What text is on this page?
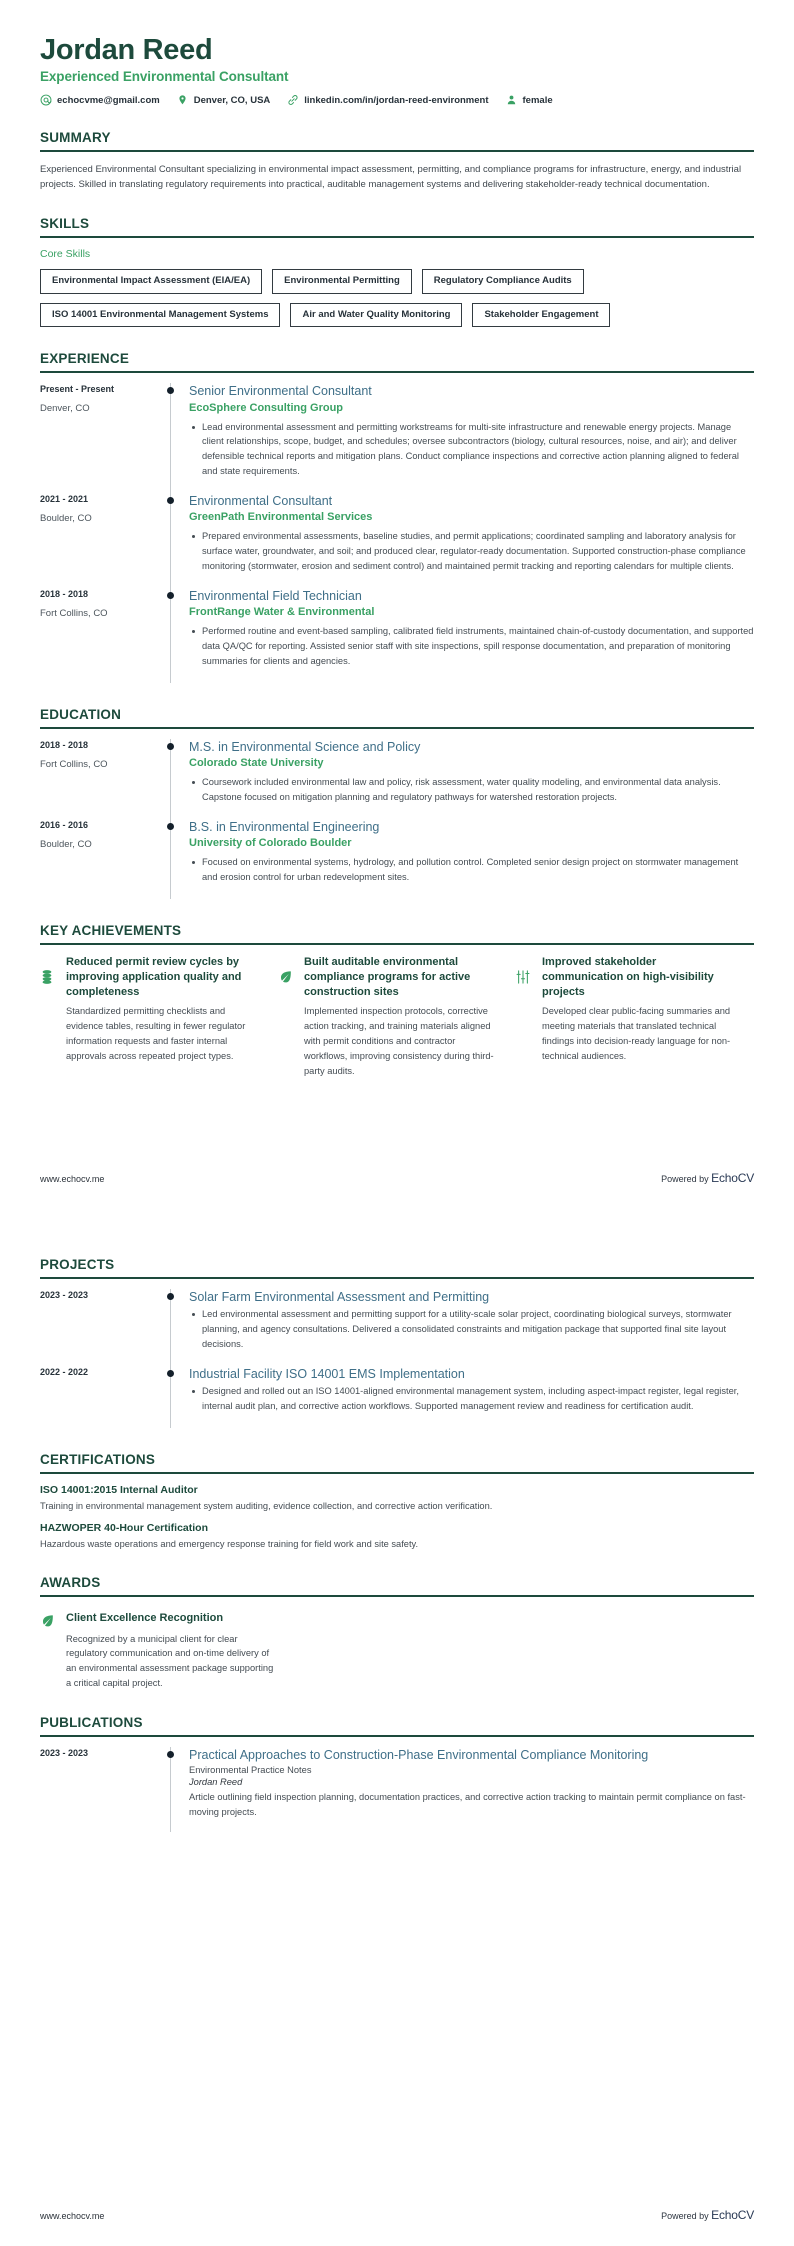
Jordan Reed
Experienced Environmental Consultant
echocvme@gmail.com	Denver, CO, USA	linkedin.com/in/jordan-reed-environment	female
SUMMARY
Experienced Environmental Consultant specializing in environmental impact assessment, permitting, and compliance programs for infrastructure, energy, and industrial projects. Skilled in translating regulatory requirements into practical, auditable management systems and delivering stakeholder-ready technical documentation.
SKILLS
Core Skills
Environmental Impact Assessment (EIA/EA)	Environmental Permitting	Regulatory Compliance Audits
ISO 14001 Environmental Management Systems	Air and Water Quality Monitoring	Stakeholder Engagement
EXPERIENCE
Present - Present
Denver, CO
Senior Environmental Consultant
EcoSphere Consulting Group
Lead environmental assessment and permitting workstreams for multi-site infrastructure and renewable energy projects. Manage client relationships, scope, budget, and schedules; oversee subcontractors (biology, cultural resources, noise, and air); and deliver defensible technical reports and mitigation plans. Conduct compliance inspections and corrective action planning aligned to federal and state requirements.
2021 - 2021
Boulder, CO
Environmental Consultant
GreenPath Environmental Services
Prepared environmental assessments, baseline studies, and permit applications; coordinated sampling and laboratory analysis for surface water, groundwater, and soil; and produced clear, regulator-ready documentation. Supported construction-phase compliance monitoring (stormwater, erosion and sediment control) and maintained permit tracking and reporting calendars for multiple clients.
2018 - 2018
Fort Collins, CO
Environmental Field Technician
FrontRange Water & Environmental
Performed routine and event-based sampling, calibrated field instruments, maintained chain-of-custody documentation, and supported data QA/QC for reporting. Assisted senior staff with site inspections, spill response documentation, and preparation of monitoring summaries for clients and agencies.
EDUCATION
2018 - 2018
Fort Collins, CO
M.S. in Environmental Science and Policy
Colorado State University
Coursework included environmental law and policy, risk assessment, water quality modeling, and environmental data analysis. Capstone focused on mitigation planning and regulatory pathways for watershed restoration projects.
2016 - 2016
Boulder, CO
B.S. in Environmental Engineering
University of Colorado Boulder
Focused on environmental systems, hydrology, and pollution control. Completed senior design project on stormwater management and erosion control for urban redevelopment sites.
KEY ACHIEVEMENTS
Reduced permit review cycles by improving application quality and completeness
Standardized permitting checklists and evidence tables, resulting in fewer regulator information requests and faster internal approvals across repeated project types.
Built auditable environmental compliance programs for active construction sites
Implemented inspection protocols, corrective action tracking, and training materials aligned with permit conditions and contractor workflows, improving consistency during third-party audits.
Improved stakeholder communication on high-visibility projects
Developed clear public-facing summaries and meeting materials that translated technical findings into decision-ready language for non-technical audiences.
www.echocv.me	Powered by EchoCV
PROJECTS
2023 - 2023	Solar Farm Environmental Assessment and Permitting
Led environmental assessment and permitting support for a utility-scale solar project, coordinating biological surveys, stormwater planning, and agency consultations. Delivered a consolidated constraints and mitigation package that supported final site layout decisions.
2022 - 2022	Industrial Facility ISO 14001 EMS Implementation
Designed and rolled out an ISO 14001-aligned environmental management system, including aspect-impact register, legal register, internal audit plan, and corrective action workflows. Supported management review and readiness for certification audit.
CERTIFICATIONS
ISO 14001:2015 Internal Auditor
Training in environmental management system auditing, evidence collection, and corrective action verification.
HAZWOPER 40-Hour Certification
Hazardous waste operations and emergency response training for field work and site safety.
AWARDS
Client Excellence Recognition
Recognized by a municipal client for clear regulatory communication and on-time delivery of an environmental assessment package supporting a critical capital project.
PUBLICATIONS
2023 - 2023	Practical Approaches to Construction-Phase Environmental Compliance Monitoring
Environmental Practice Notes
Jordan Reed
Article outlining field inspection planning, documentation practices, and corrective action tracking to maintain permit compliance on fast-moving projects.
www.echocv.me	Powered by EchoCV
